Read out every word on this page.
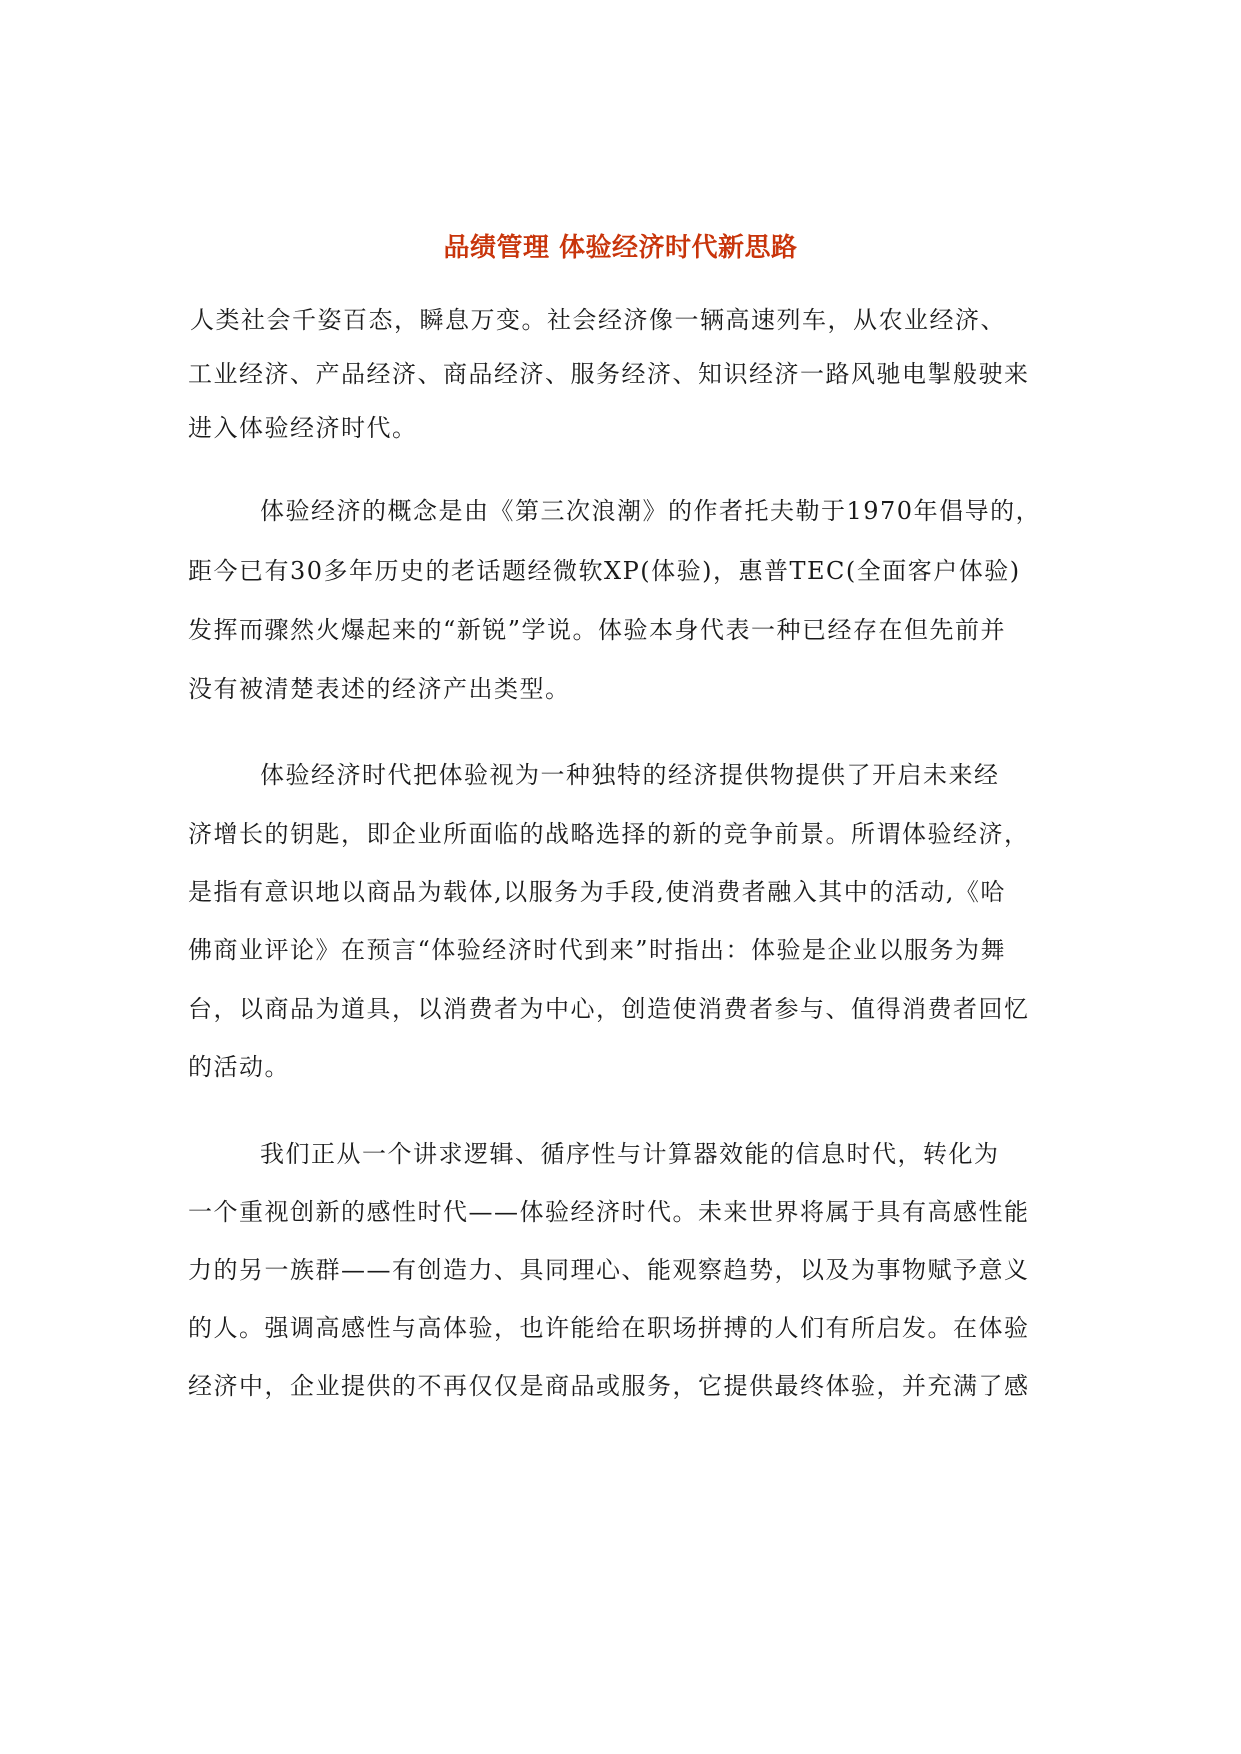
品绩管理 体验经济时代新思路
人类社会千姿百态，瞬息万变。社会经济像一辆高速列车，从农业经济、
工业经济、产品经济、商品经济、服务经济、知识经济一路风驰电掣般驶来
进入体验经济时代。
体验经济的概念是由《第三次浪潮》的作者托夫勒于1970年倡导的，
距今已有30多年历史的老话题经微软XP(体验)，惠普TEC(全面客户体验)
发挥而骤然火爆起来的“新锐”学说。体验本身代表一种已经存在但先前并
没有被清楚表述的经济产出类型。
体验经济时代把体验视为一种独特的经济提供物提供了开启未来经
济增长的钥匙，即企业所面临的战略选择的新的竞争前景。所谓体验经济，
是指有意识地以商品为载体,以服务为手段,使消费者融入其中的活动,《哈
佛商业评论》在预言“体验经济时代到来”时指出：体验是企业以服务为舞
台，以商品为道具，以消费者为中心，创造使消费者参与、值得消费者回忆
的活动。
我们正从一个讲求逻辑、循序性与计算器效能的信息时代，转化为
一个重视创新的感性时代——体验经济时代。未来世界将属于具有高感性能
力的另一族群——有创造力、具同理心、能观察趋势，以及为事物赋予意义
的人。强调高感性与高体验，也许能给在职场拼搏的人们有所启发。在体验
经济中，企业提供的不再仅仅是商品或服务，它提供最终体验，并充满了感
